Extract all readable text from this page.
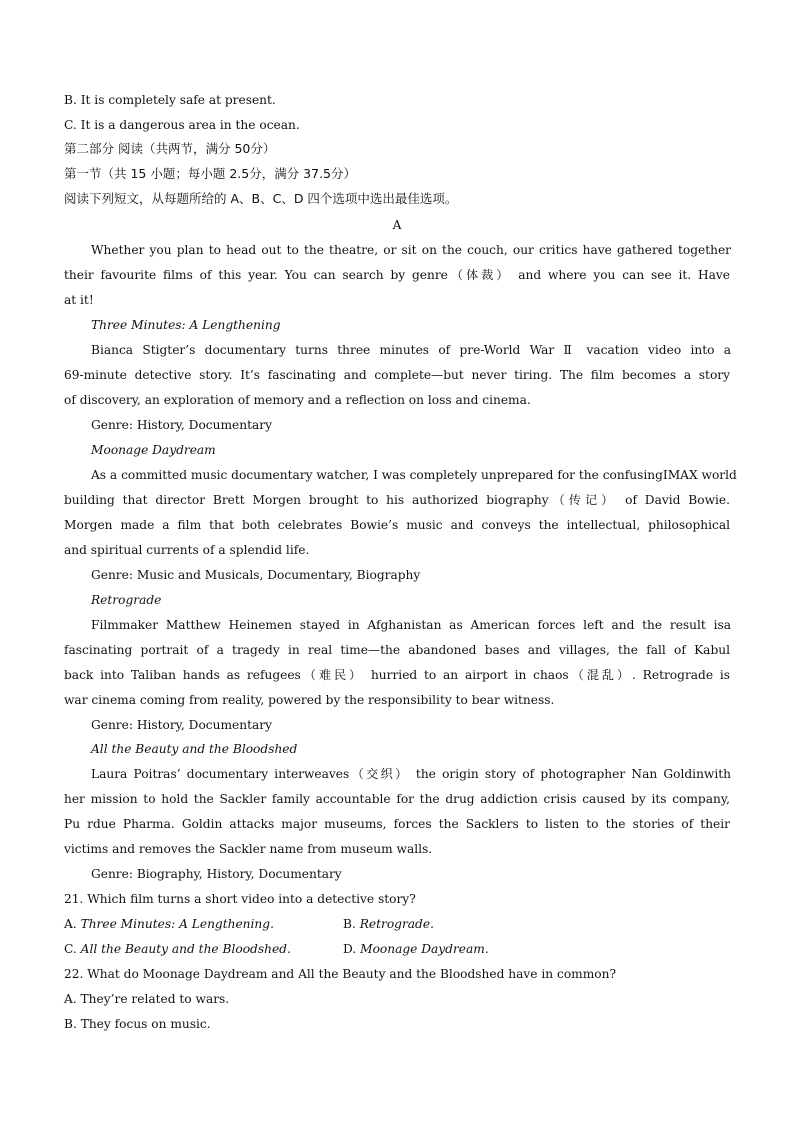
B. It is completely safe at present.
C. It is a dangerous area in the ocean.
第二部分 阅读（共两节，满分 50分）
第一节（共 15 小题；每小题 2.5分，满分 37.5分）
阅读下列短文，从每题所给的 A、B、C、D 四个选项中选出最佳选项。
A
Whether you plan to head out to the theatre, or sit on the couch, our critics have gathered together
their favourite films of this year. You can search by genre（体裁） and where you can see it. Have
at it!
Three Minutes: A Lengthening
Bianca Stigter’s documentary turns three minutes of pre-World War Ⅱ vacation video into a
69-minute detective story. It’s fascinating and complete—but never tiring. The film becomes a story
of discovery, an exploration of memory and a reflection on loss and cinema.
Genre: History, Documentary
Moonage Daydream
As a committed music documentary watcher, I was completely unprepared for the confusingIMAX world
building that director Brett Morgen brought to his authorized biography（传记） of David Bowie.
Morgen made a film that both celebrates Bowie’s music and conveys the intellectual, philosophical
and spiritual currents of a splendid life.
Genre: Music and Musicals, Documentary, Biography
Retrograde
Filmmaker Matthew Heinemen stayed in Afghanistan as American forces left and the result isa
fascinating portrait of a tragedy in real time—the abandoned bases and villages, the fall of Kabul
back into Taliban hands as refugees（难民） hurried to an airport in chaos（混乱）. Retrograde is
war cinema coming from reality, powered by the responsibility to bear witness.
Genre: History, Documentary
All the Beauty and the Bloodshed
Laura Poitras’ documentary interweaves（交织） the origin story of photographer Nan Goldinwith
her mission to hold the Sackler family accountable for the drug addiction crisis caused by its company,
Pu rdue Pharma. Goldin attacks major museums, forces the Sacklers to listen to the stories of their
victims and removes the Sackler name from museum walls.
Genre: Biography, History, Documentary
21. Which film turns a short video into a detective story?
A. Three Minutes: A Lengthening.	B. Retrograde.
C. All the Beauty and the Bloodshed.	D. Moonage Daydream.
22. What do Moonage Daydream and All the Beauty and the Bloodshed have in common?
A. They’re related to wars.
B. They focus on music.
